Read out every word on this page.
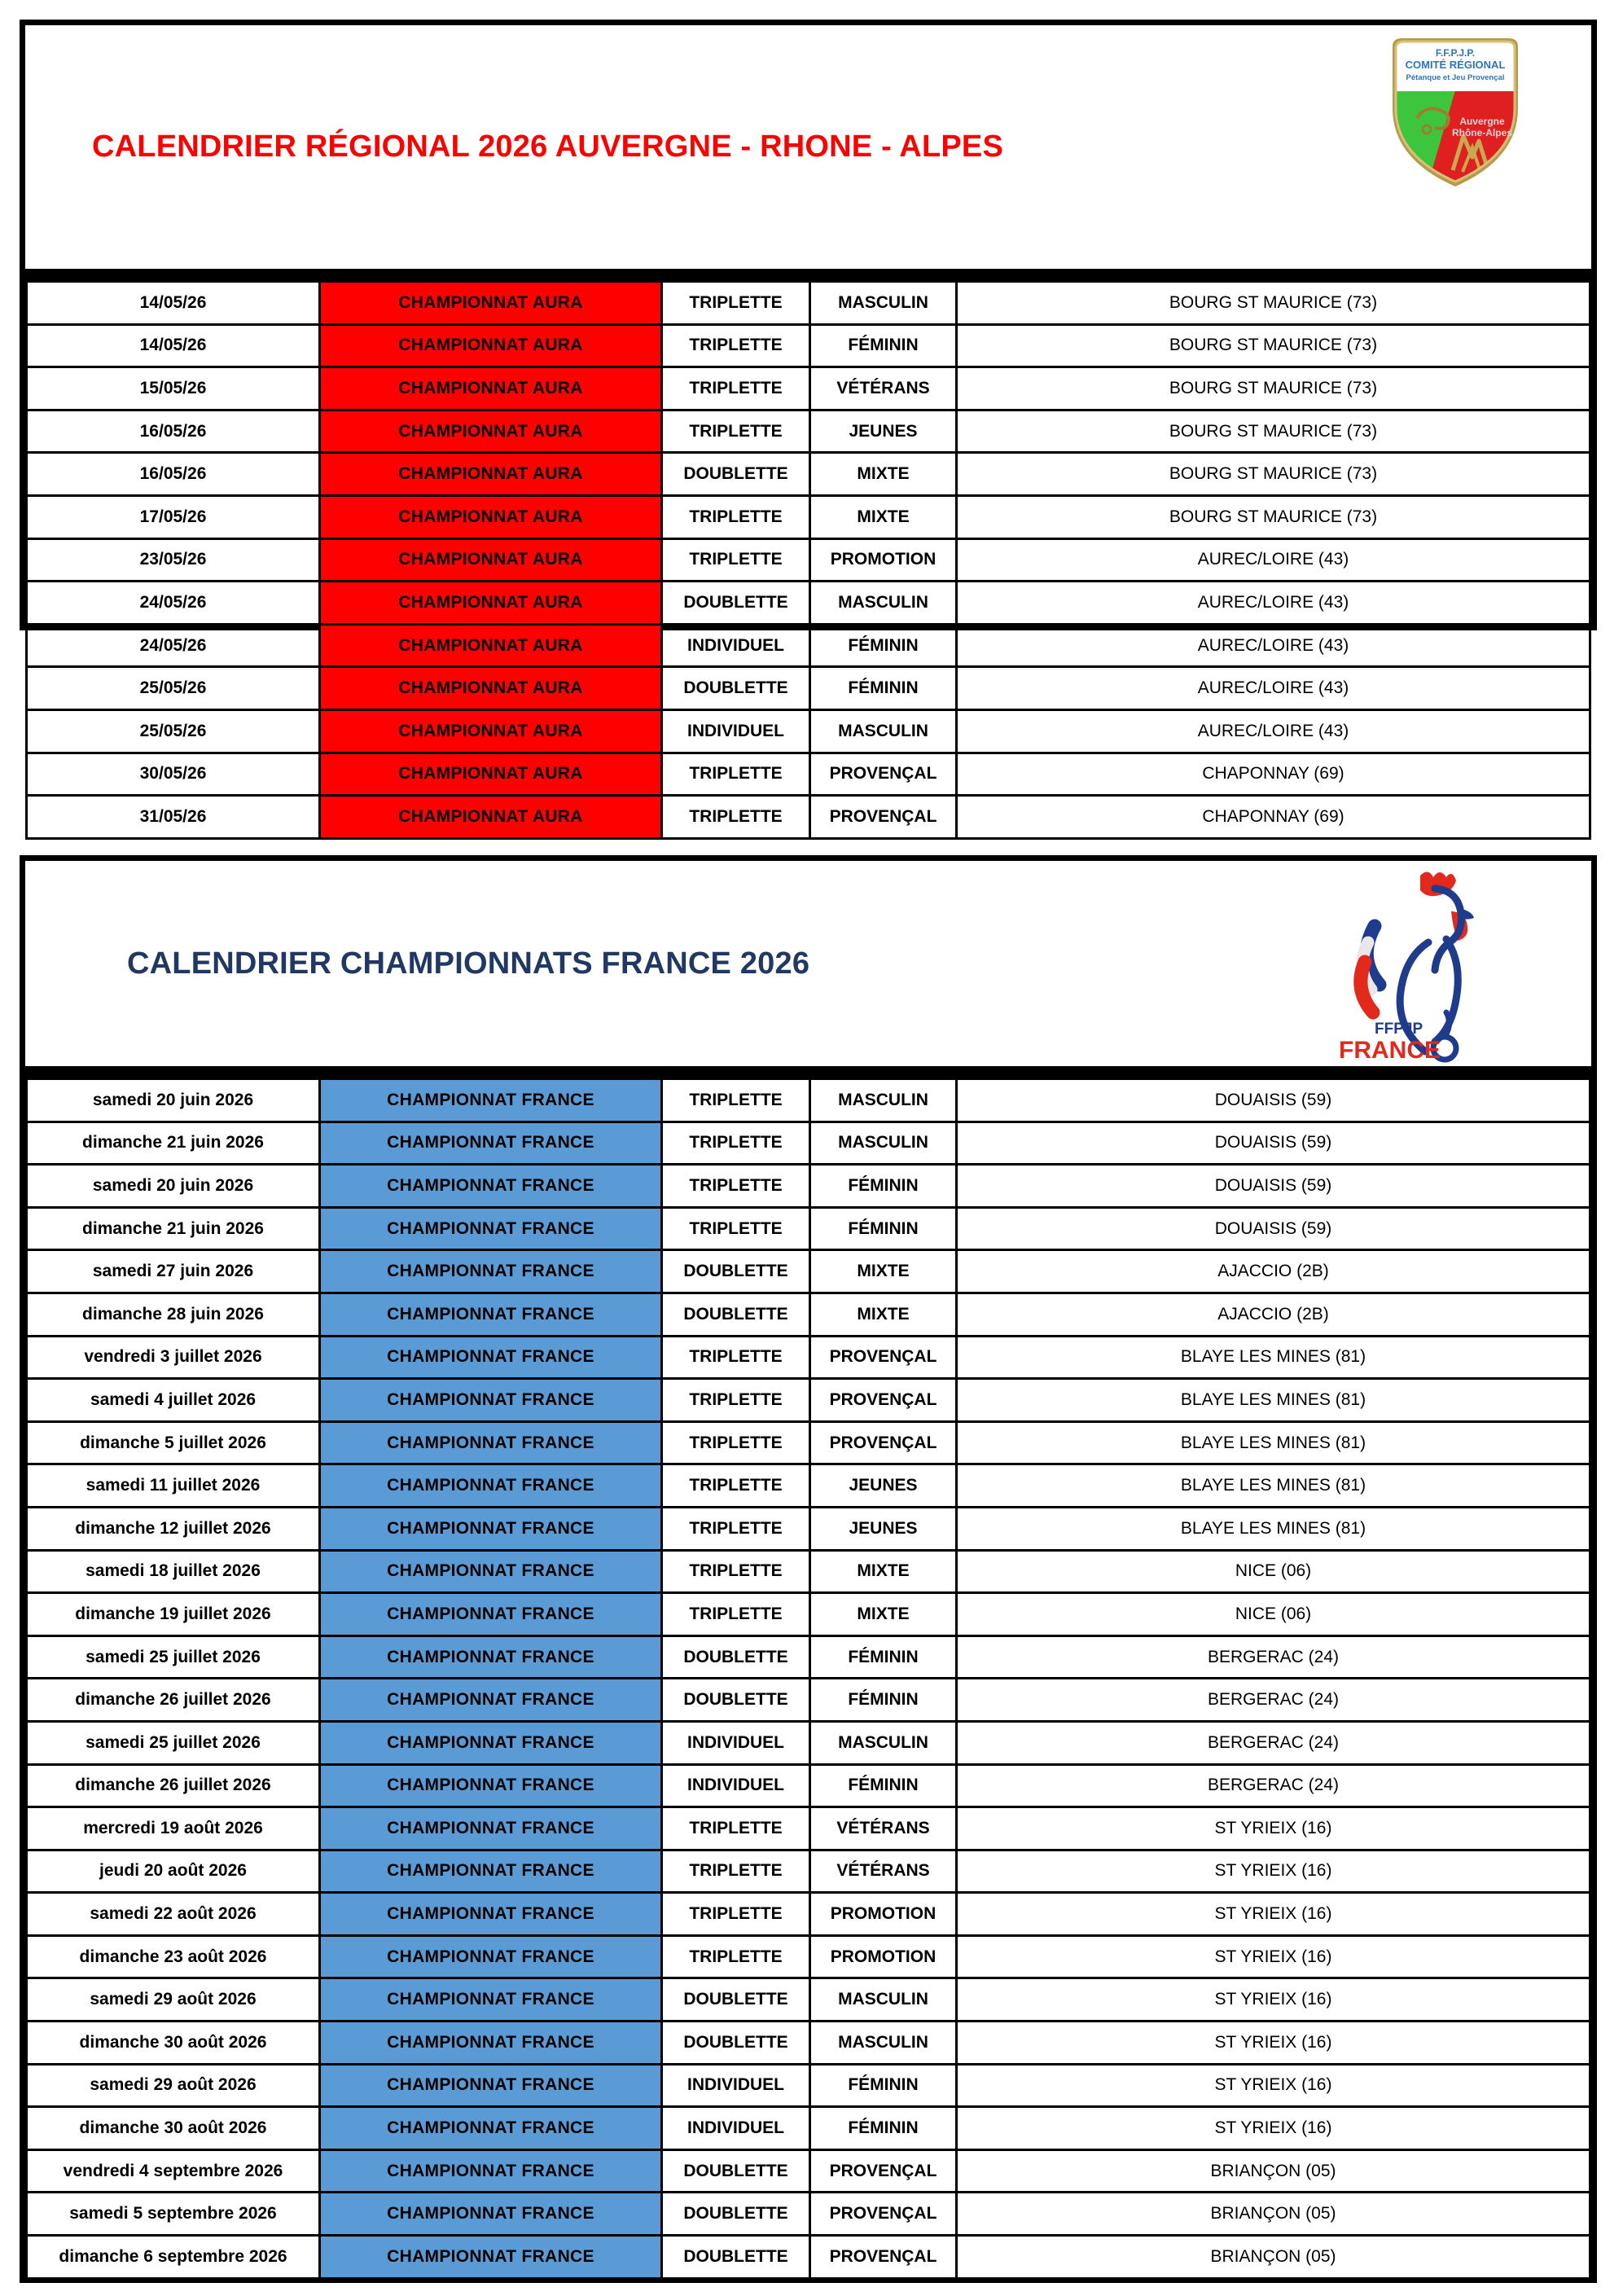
CALENDRIER RÉGIONAL 2026 AUVERGNE - RHONE - ALPES
F.F.P.J.P.
COMITÉ RÉGIONAL
Pétanque et Jeu Provençal
Auvergne
Rhône-Alpes
14/05/26	CHAMPIONNAT AURA	TRIPLETTE	MASCULIN	BOURG ST MAURICE (73)
14/05/26	CHAMPIONNAT AURA	TRIPLETTE	FÉMININ	BOURG ST MAURICE (73)
15/05/26	CHAMPIONNAT AURA	TRIPLETTE	VÉTÉRANS	BOURG ST MAURICE (73)
16/05/26	CHAMPIONNAT AURA	TRIPLETTE	JEUNES	BOURG ST MAURICE (73)
16/05/26	CHAMPIONNAT AURA	DOUBLETTE	MIXTE	BOURG ST MAURICE (73)
17/05/26	CHAMPIONNAT AURA	TRIPLETTE	MIXTE	BOURG ST MAURICE (73)
23/05/26	CHAMPIONNAT AURA	TRIPLETTE	PROMOTION	AUREC/LOIRE (43)
24/05/26	CHAMPIONNAT AURA	DOUBLETTE	MASCULIN	AUREC/LOIRE (43)
24/05/26	CHAMPIONNAT AURA	INDIVIDUEL	FÉMININ	AUREC/LOIRE (43)
25/05/26	CHAMPIONNAT AURA	DOUBLETTE	FÉMININ	AUREC/LOIRE (43)
25/05/26	CHAMPIONNAT AURA	INDIVIDUEL	MASCULIN	AUREC/LOIRE (43)
30/05/26	CHAMPIONNAT AURA	TRIPLETTE	PROVENÇAL	CHAPONNAY (69)
31/05/26	CHAMPIONNAT AURA	TRIPLETTE	PROVENÇAL	CHAPONNAY (69)
CALENDRIER CHAMPIONNATS FRANCE 2026
FFPJP
FRANCE
samedi 20 juin 2026	CHAMPIONNAT FRANCE	TRIPLETTE	MASCULIN	DOUAISIS (59)
dimanche 21 juin 2026	CHAMPIONNAT FRANCE	TRIPLETTE	MASCULIN	DOUAISIS (59)
samedi 20 juin 2026	CHAMPIONNAT FRANCE	TRIPLETTE	FÉMININ	DOUAISIS (59)
dimanche 21 juin 2026	CHAMPIONNAT FRANCE	TRIPLETTE	FÉMININ	DOUAISIS (59)
samedi 27 juin 2026	CHAMPIONNAT FRANCE	DOUBLETTE	MIXTE	AJACCIO (2B)
dimanche 28 juin 2026	CHAMPIONNAT FRANCE	DOUBLETTE	MIXTE	AJACCIO (2B)
vendredi 3 juillet 2026	CHAMPIONNAT FRANCE	TRIPLETTE	PROVENÇAL	BLAYE LES MINES (81)
samedi 4 juillet 2026	CHAMPIONNAT FRANCE	TRIPLETTE	PROVENÇAL	BLAYE LES MINES (81)
dimanche 5 juillet 2026	CHAMPIONNAT FRANCE	TRIPLETTE	PROVENÇAL	BLAYE LES MINES (81)
samedi 11 juillet 2026	CHAMPIONNAT FRANCE	TRIPLETTE	JEUNES	BLAYE LES MINES (81)
dimanche 12 juillet 2026	CHAMPIONNAT FRANCE	TRIPLETTE	JEUNES	BLAYE LES MINES (81)
samedi 18 juillet 2026	CHAMPIONNAT FRANCE	TRIPLETTE	MIXTE	NICE (06)
dimanche 19 juillet 2026	CHAMPIONNAT FRANCE	TRIPLETTE	MIXTE	NICE (06)
samedi 25 juillet 2026	CHAMPIONNAT FRANCE	DOUBLETTE	FÉMININ	BERGERAC (24)
dimanche 26 juillet 2026	CHAMPIONNAT FRANCE	DOUBLETTE	FÉMININ	BERGERAC (24)
samedi 25 juillet 2026	CHAMPIONNAT FRANCE	INDIVIDUEL	MASCULIN	BERGERAC (24)
dimanche 26 juillet 2026	CHAMPIONNAT FRANCE	INDIVIDUEL	FÉMININ	BERGERAC (24)
mercredi 19 août 2026	CHAMPIONNAT FRANCE	TRIPLETTE	VÉTÉRANS	ST YRIEIX (16)
jeudi 20 août 2026	CHAMPIONNAT FRANCE	TRIPLETTE	VÉTÉRANS	ST YRIEIX (16)
samedi 22 août 2026	CHAMPIONNAT FRANCE	TRIPLETTE	PROMOTION	ST YRIEIX (16)
dimanche 23 août 2026	CHAMPIONNAT FRANCE	TRIPLETTE	PROMOTION	ST YRIEIX (16)
samedi 29 août 2026	CHAMPIONNAT FRANCE	DOUBLETTE	MASCULIN	ST YRIEIX (16)
dimanche 30 août 2026	CHAMPIONNAT FRANCE	DOUBLETTE	MASCULIN	ST YRIEIX (16)
samedi 29 août 2026	CHAMPIONNAT FRANCE	INDIVIDUEL	FÉMININ	ST YRIEIX (16)
dimanche 30 août 2026	CHAMPIONNAT FRANCE	INDIVIDUEL	FÉMININ	ST YRIEIX (16)
vendredi 4 septembre 2026	CHAMPIONNAT FRANCE	DOUBLETTE	PROVENÇAL	BRIANÇON (05)
samedi 5 septembre 2026	CHAMPIONNAT FRANCE	DOUBLETTE	PROVENÇAL	BRIANÇON (05)
dimanche 6 septembre 2026	CHAMPIONNAT FRANCE	DOUBLETTE	PROVENÇAL	BRIANÇON (05)
